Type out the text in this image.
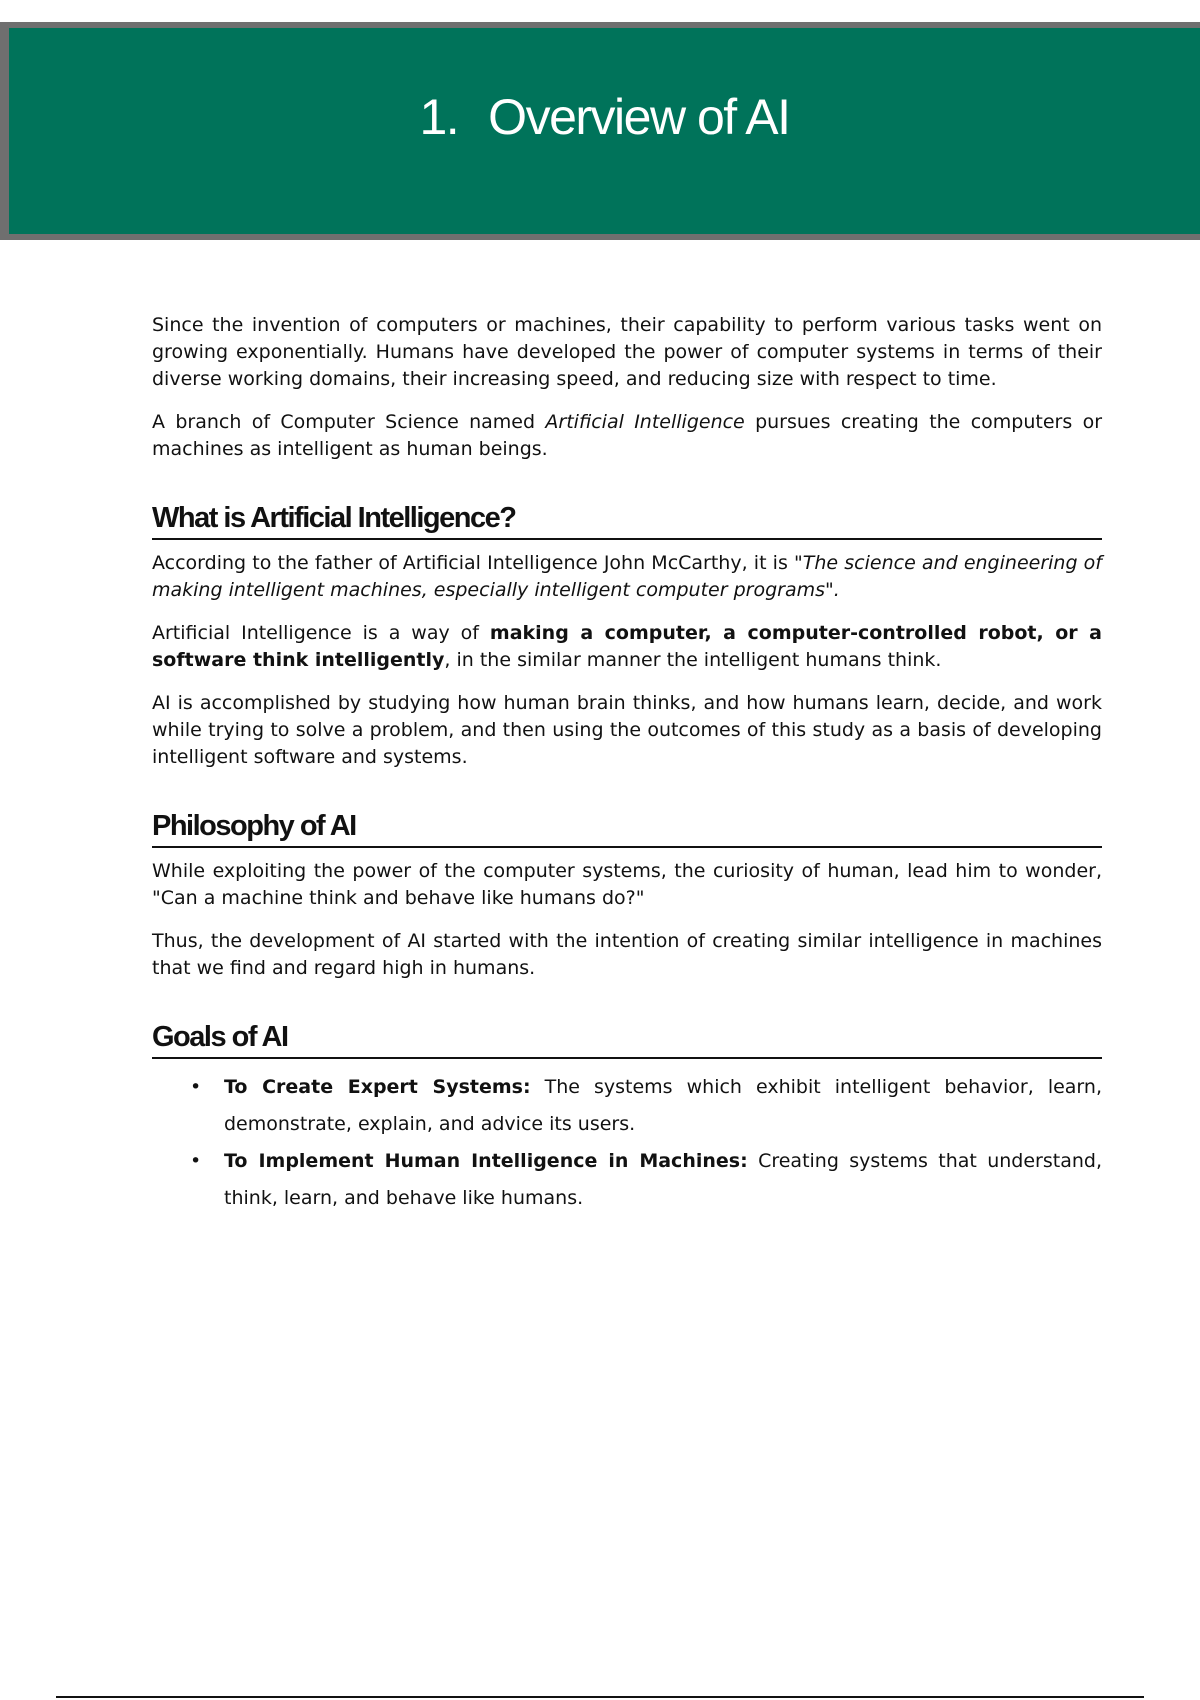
1. Overview of AI

Since the invention of computers or machines, their capability to perform various tasks went on growing exponentially. Humans have developed the power of computer systems in terms of their diverse working domains, their increasing speed, and reducing size with respect to time.

A branch of Computer Science named Artificial Intelligence pursues creating the computers or machines as intelligent as human beings.

What is Artificial Intelligence?

According to the father of Artificial Intelligence John McCarthy, it is "The science and engineering of making intelligent machines, especially intelligent computer programs".

Artificial Intelligence is a way of making a computer, a computer-controlled robot, or a software think intelligently, in the similar manner the intelligent humans think.

AI is accomplished by studying how human brain thinks, and how humans learn, decide, and work while trying to solve a problem, and then using the outcomes of this study as a basis of developing intelligent software and systems.

Philosophy of AI

While exploiting the power of the computer systems, the curiosity of human, lead him to wonder, "Can a machine think and behave like humans do?"

Thus, the development of AI started with the intention of creating similar intelligence in machines that we find and regard high in humans.

Goals of AI
• To Create Expert Systems: The systems which exhibit intelligent behavior, learn, demonstrate, explain, and advice its users.
• To Implement Human Intelligence in Machines: Creating systems that understand, think, learn, and behave like humans.
